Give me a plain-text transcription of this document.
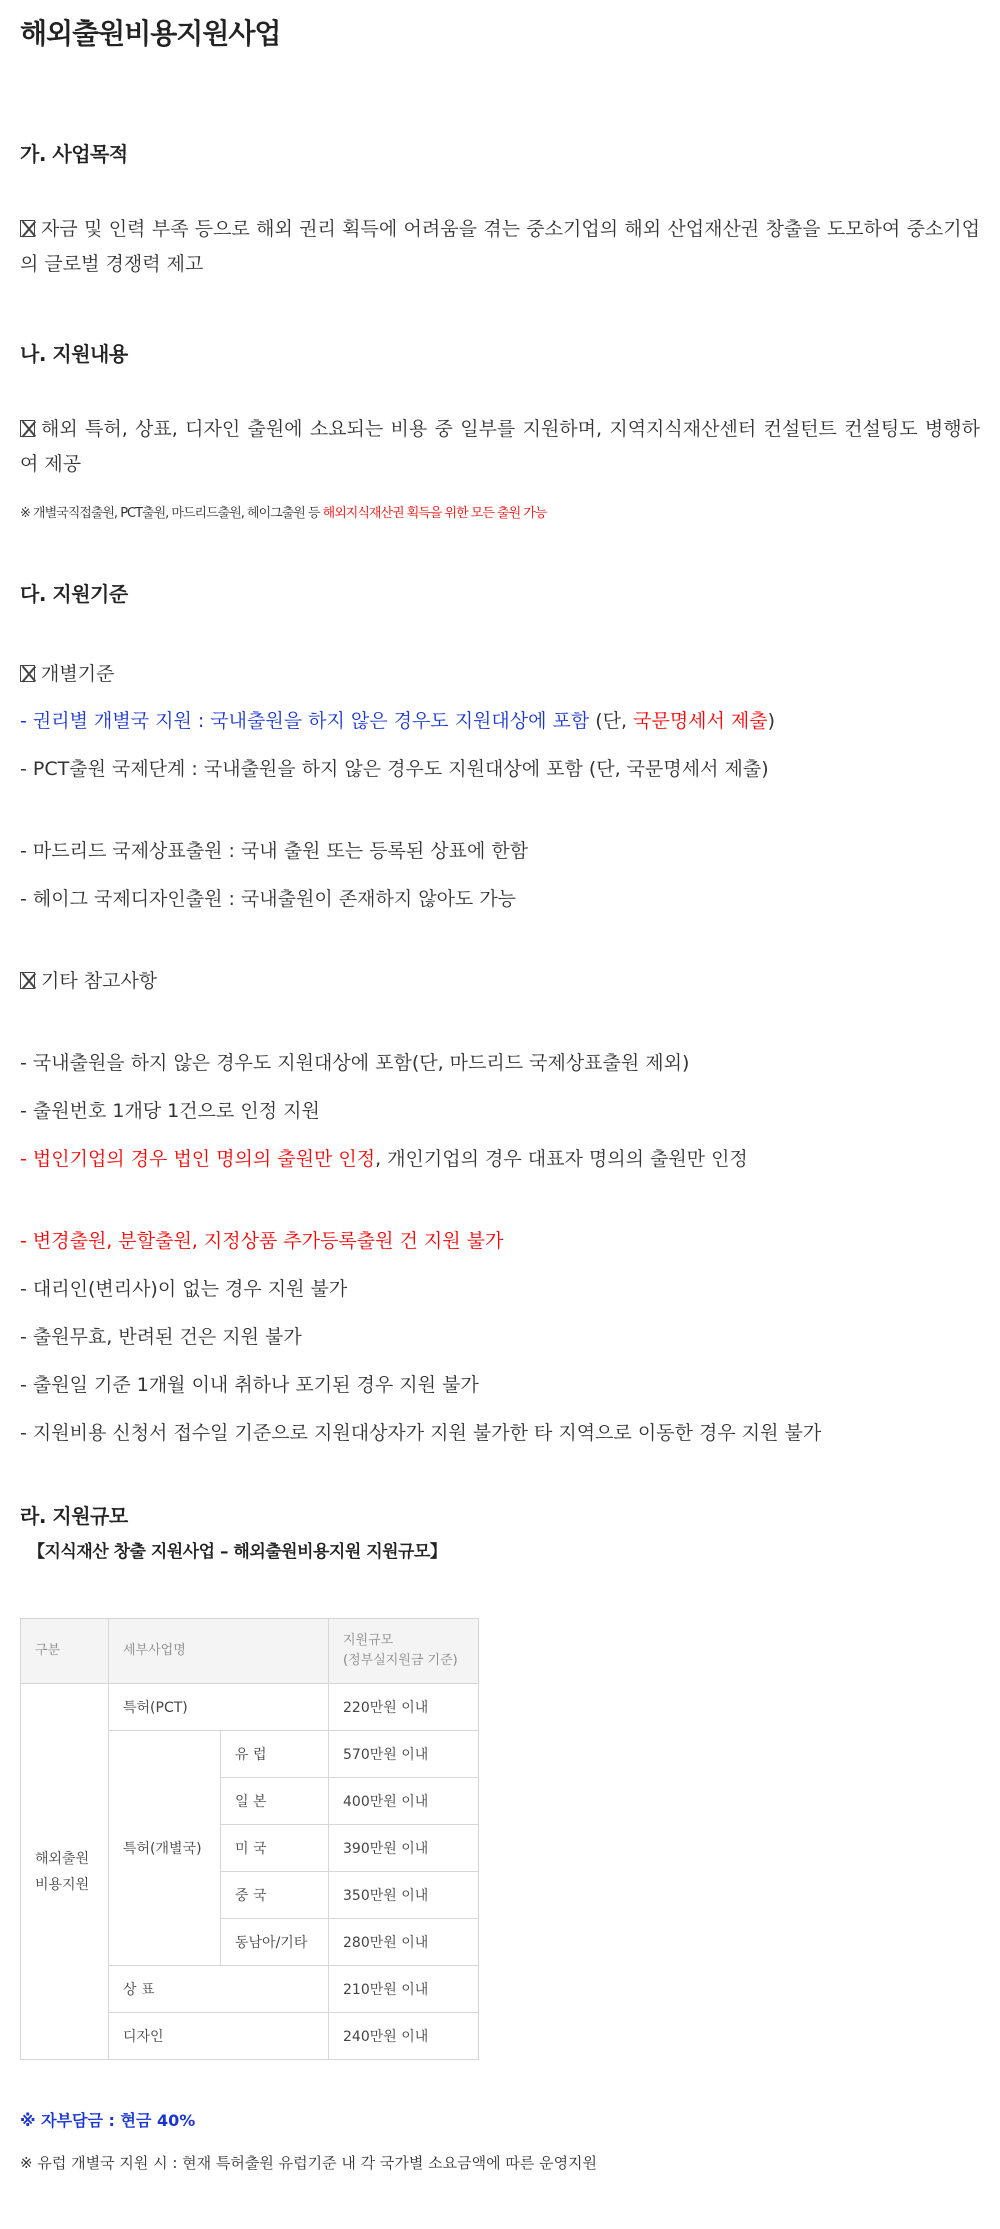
해외출원비용지원사업
가. 사업목적
자금 및 인력 부족 등으로 해외 권리 획득에 어려움을 겪는 중소기업의 해외 산업재산권 창출을 도모하여 중소기업의 글로벌 경쟁력 제고
나. 지원내용
해외 특허, 상표, 디자인 출원에 소요되는 비용 중 일부를 지원하며, 지역지식재산센터 컨설턴트 컨설팅도 병행하여 제공
※ 개별국직접출원, PCT출원, 마드리드출원, 헤이그출원 등 해외지식재산권 획득을 위한 모든 출원 가능
다. 지원기준
개별기준
- 권리별 개별국 지원 : 국내출원을 하지 않은 경우도 지원대상에 포함 (단, 국문명세서 제출)
- PCT출원 국제단계 : 국내출원을 하지 않은 경우도 지원대상에 포함 (단, 국문명세서 제출)
- 마드리드 국제상표출원 : 국내 출원 또는 등록된 상표에 한함
- 헤이그 국제디자인출원 : 국내출원이 존재하지 않아도 가능
기타 참고사항
- 국내출원을 하지 않은 경우도 지원대상에 포함(단, 마드리드 국제상표출원 제외)
- 출원번호 1개당 1건으로 인정 지원
- 법인기업의 경우 법인 명의의 출원만 인정, 개인기업의 경우 대표자 명의의 출원만 인정
- 변경출원, 분할출원, 지정상품 추가등록출원 건 지원 불가
- 대리인(변리사)이 없는 경우 지원 불가
- 출원무효, 반려된 건은 지원 불가
- 출원일 기준 1개월 이내 취하나 포기된 경우 지원 불가
- 지원비용 신청서 접수일 기준으로 지원대상자가 지원 불가한 타 지역으로 이동한 경우 지원 불가
라. 지원규모
【지식재산 창출 지원사업 – 해외출원비용지원 지원규모】
구분	세부사업명		지원규모
(정부실지원금 기준)
해외출원
비용지원	특허(PCT)		220만원 이내
	특허(개별국)	유 럽	570만원 이내
		일 본	400만원 이내
		미 국	390만원 이내
		중 국	350만원 이내
		동남아/기타	280만원 이내
	상 표		210만원 이내
	디자인		240만원 이내
※ 자부담금 : 현금 40%
※ 유럽 개별국 지원 시 : 현재 특허출원 유럽기준 내 각 국가별 소요금액에 따른 운영지원
